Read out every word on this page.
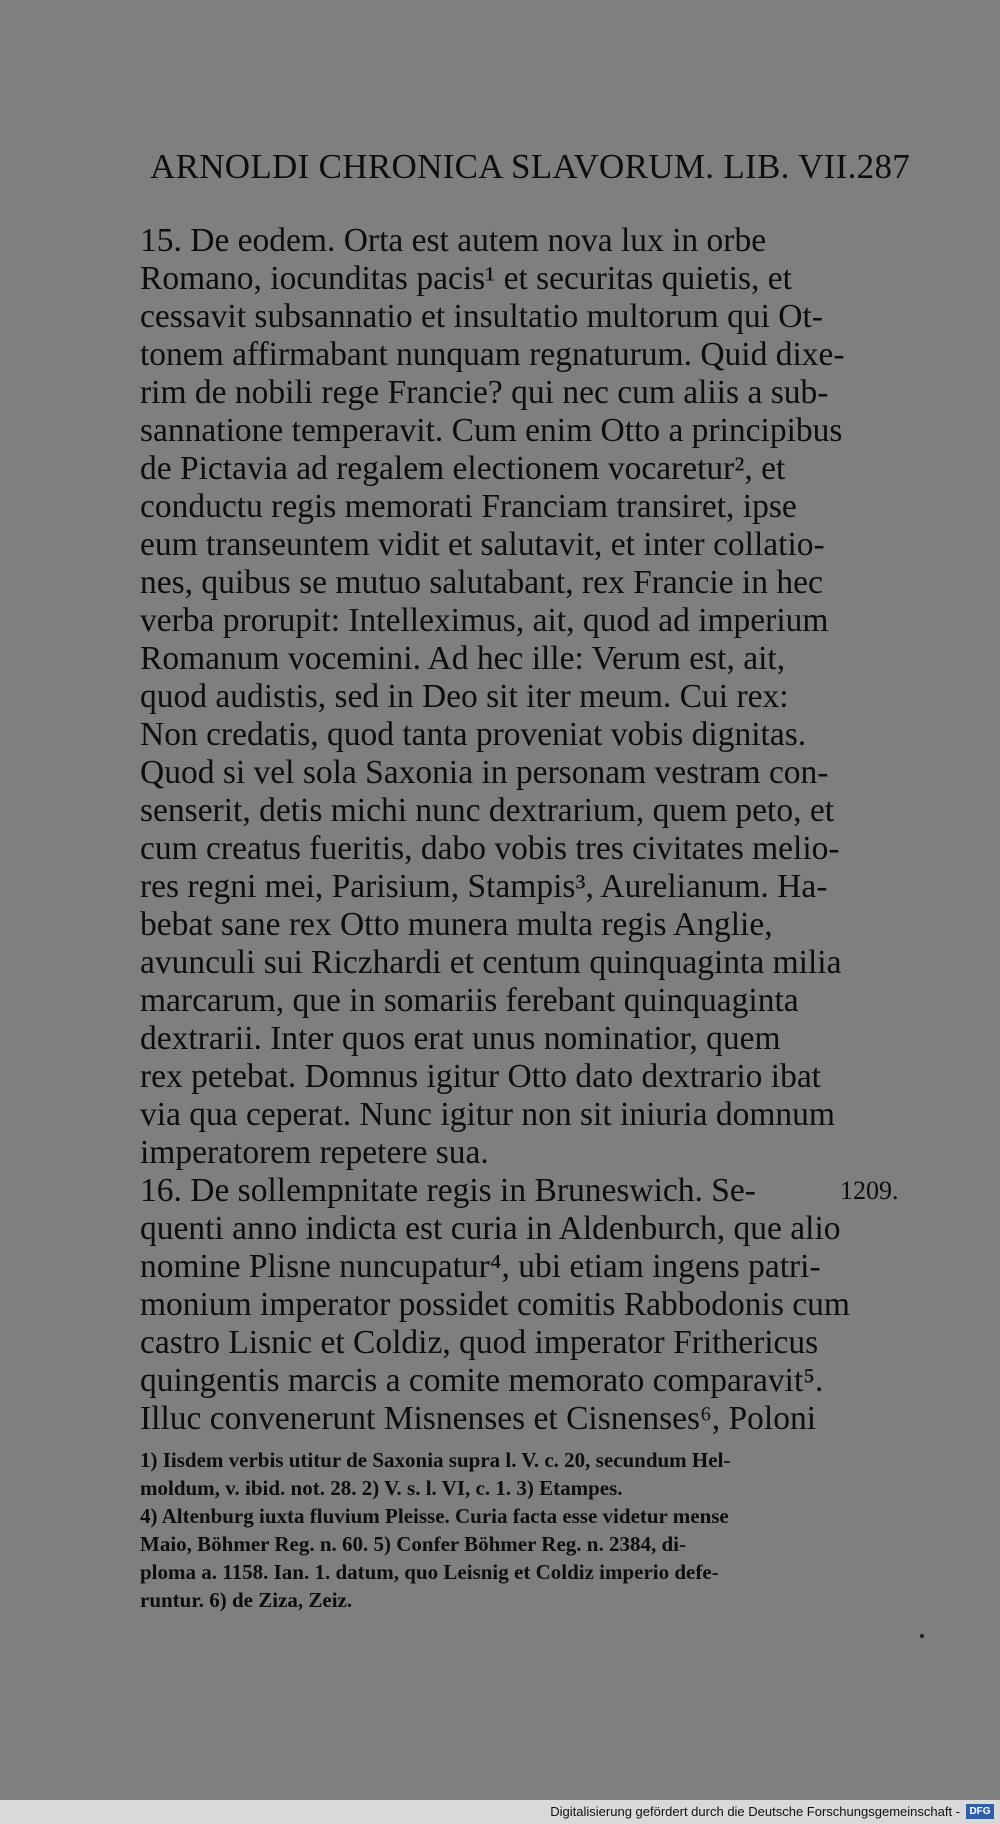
ARNOLDI CHRONICA SLAVORUM. LIB. VII. 287
15. De eodem. Orta est autem nova lux in orbe
Romano, iocunditas pacis¹ et securitas quietis, et
cessavit subsannatio et insultatio multorum qui Ot-
tonem affirmabant nunquam regnaturum. Quid dixe-
rim de nobili rege Francie? qui nec cum aliis a sub-
sannatione temperavit. Cum enim Otto a principibus
de Pictavia ad regalem electionem vocaretur², et
conductu regis memorati Franciam transiret, ipse
eum transeuntem vidit et salutavit, et inter collatio-
nes, quibus se mutuo salutabant, rex Francie in hec
verba prorupit: Intelleximus, ait, quod ad imperium
Romanum vocemini. Ad hec ille: Verum est, ait,
quod audistis, sed in Deo sit iter meum. Cui rex:
Non credatis, quod tanta proveniat vobis dignitas.
Quod si vel sola Saxonia in personam vestram con-
senserit, detis michi nunc dextrarium, quem peto, et
cum creatus fueritis, dabo vobis tres civitates melio-
res regni mei, Parisium, Stampis³, Aurelianum. Ha-
bebat sane rex Otto munera multa regis Anglie,
avunculi sui Riczhardi et centum quinquaginta milia
marcarum, que in somariis ferebant quinquaginta
dextrarii. Inter quos erat unus nominatior, quem
rex petebat. Domnus igitur Otto dato dextrario ibat
via qua ceperat. Nunc igitur non sit iniuria domnum
imperatorem repetere sua.
16. De sollempnitate regis in Bruneswich. Se-
quenti anno indicta est curia in Aldenburch, que alio
nomine Plisne nuncupatur⁴, ubi etiam ingens patri-
monium imperator possidet comitis Rabbodonis cum
castro Lisnic et Coldiz, quod imperator Frithericus
quingentis marcis a comite memorato comparavit⁵.
Illuc convenerunt Misnenses et Cisnenses⁶, Poloni
1209.
1) Iisdem verbis utitur de Saxonia supra l. V. c. 20, secundum Hel-
moldum, v. ibid. not. 28. 2) V. s. l. VI, c. 1. 3) Etampes.
4) Altenburg iuxta fluvium Pleisse. Curia facta esse videtur mense
Maio, Böhmer Reg. n. 60. 5) Confer Böhmer Reg. n. 2384, di-
ploma a. 1158. Ian. 1. datum, quo Leisnig et Coldiz imperio defe-
runtur. 6) de Ziza, Zeiz.
Digitalisierung gefördert durch die Deutsche Forschungsgemeinschaft - DFG
